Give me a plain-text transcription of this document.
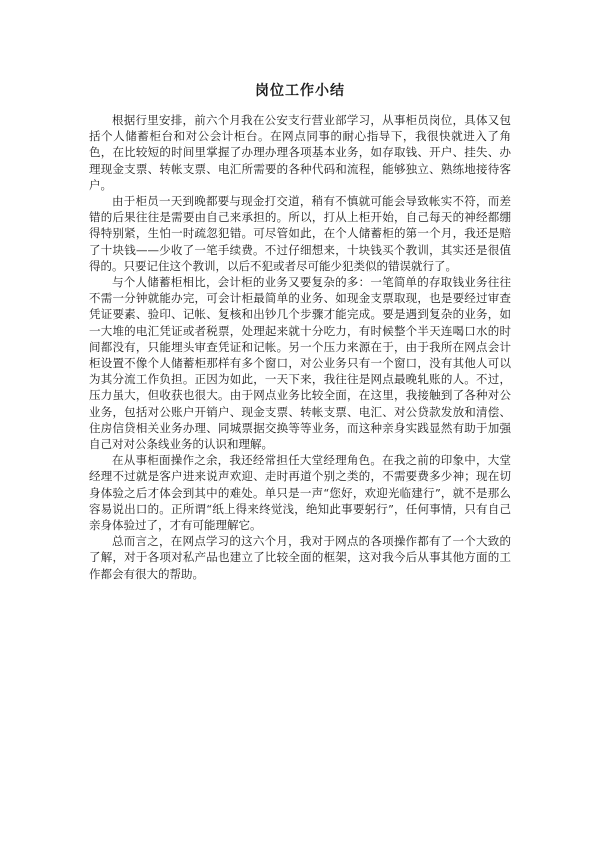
岗位工作小结

根据行里安排，前六个月我在公安支行营业部学习，从事柜员岗位，具体又包括个人储蓄柜台和对公会计柜台。在网点同事的耐心指导下，我很快就进入了角色，在比较短的时间里掌握了办理办理各项基本业务，如存取钱、开户、挂失、办理现金支票、转帐支票、电汇所需要的各种代码和流程，能够独立、熟练地接待客户。

由于柜员一天到晚都要与现金打交道，稍有不慎就可能会导致帐实不符，而差错的后果往往是需要由自己来承担的。所以，打从上柜开始，自己每天的神经都绷得特别紧，生怕一时疏忽犯错。可尽管如此，在个人储蓄柜的第一个月，我还是赔了十块钱——少收了一笔手续费。不过仔细想来，十块钱买个教训，其实还是很值得的。只要记住这个教训，以后不犯或者尽可能少犯类似的错误就行了。

与个人储蓄柜相比，会计柜的业务又要复杂的多：一笔简单的存取钱业务往往不需一分钟就能办完，可会计柜最简单的业务、如现金支票取现，也是要经过审查凭证要素、验印、记帐、复核和出钞几个步骤才能完成。要是遇到复杂的业务，如一大堆的电汇凭证或者税票，处理起来就十分吃力，有时候整个半天连喝口水的时间都没有，只能埋头审查凭证和记帐。另一个压力来源在于，由于我所在网点会计柜设置不像个人储蓄柜那样有多个窗口，对公业务只有一个窗口，没有其他人可以为其分流工作负担。正因为如此，一天下来，我往往是网点最晚轧账的人。不过，压力虽大，但收获也很大。由于网点业务比较全面，在这里，我接触到了各种对公业务，包括对公账户开销户、现金支票、转帐支票、电汇、对公贷款发放和清偿、住房信贷相关业务办理、同城票据交换等等业务，而这种亲身实践显然有助于加强自己对对公条线业务的认识和理解。

在从事柜面操作之余，我还经常担任大堂经理角色。在我之前的印象中，大堂经理不过就是客户进来说声欢迎、走时再道个别之类的，不需要费多少神；现在切身体验之后才体会到其中的难处。单只是一声“您好，欢迎光临建行”，就不是那么容易说出口的。正所谓“纸上得来终觉浅，绝知此事要躬行”，任何事情，只有自己亲身体验过了，才有可能理解它。

总而言之，在网点学习的这六个月，我对于网点的各项操作都有了一个大致的了解，对于各项对私产品也建立了比较全面的框架，这对我今后从事其他方面的工作都会有很大的帮助。
